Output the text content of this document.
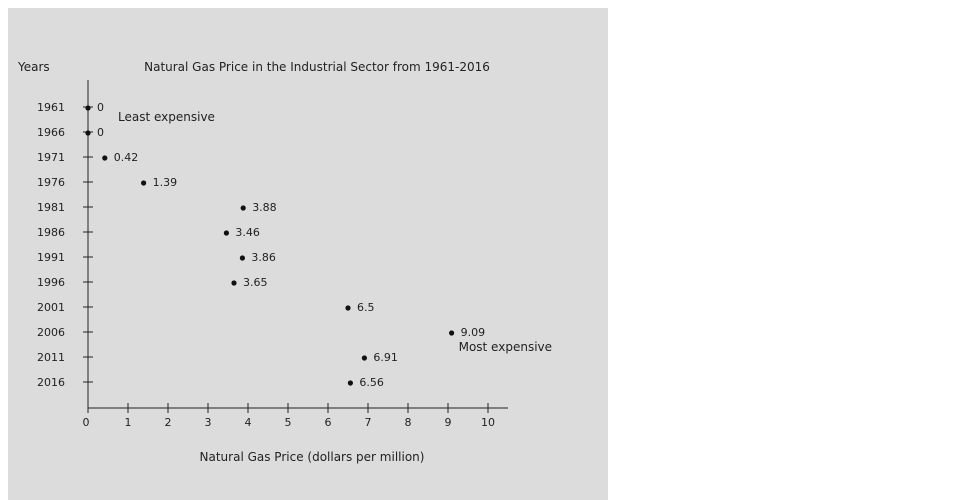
Natural Gas Price in the Industrial Sector from 1961-2016
Years
Natural Gas Price (dollars per million)
0	1	2	3	4	5	6	7	8	9	10
1961
1966
1971
1976
1981
1986
1991
1996
2001
2006
2011
2016
0
0
0.42
1.39
3.88
3.46
3.86
3.65
6.5
9.09
6.91
6.56
Least expensive
Most expensive
